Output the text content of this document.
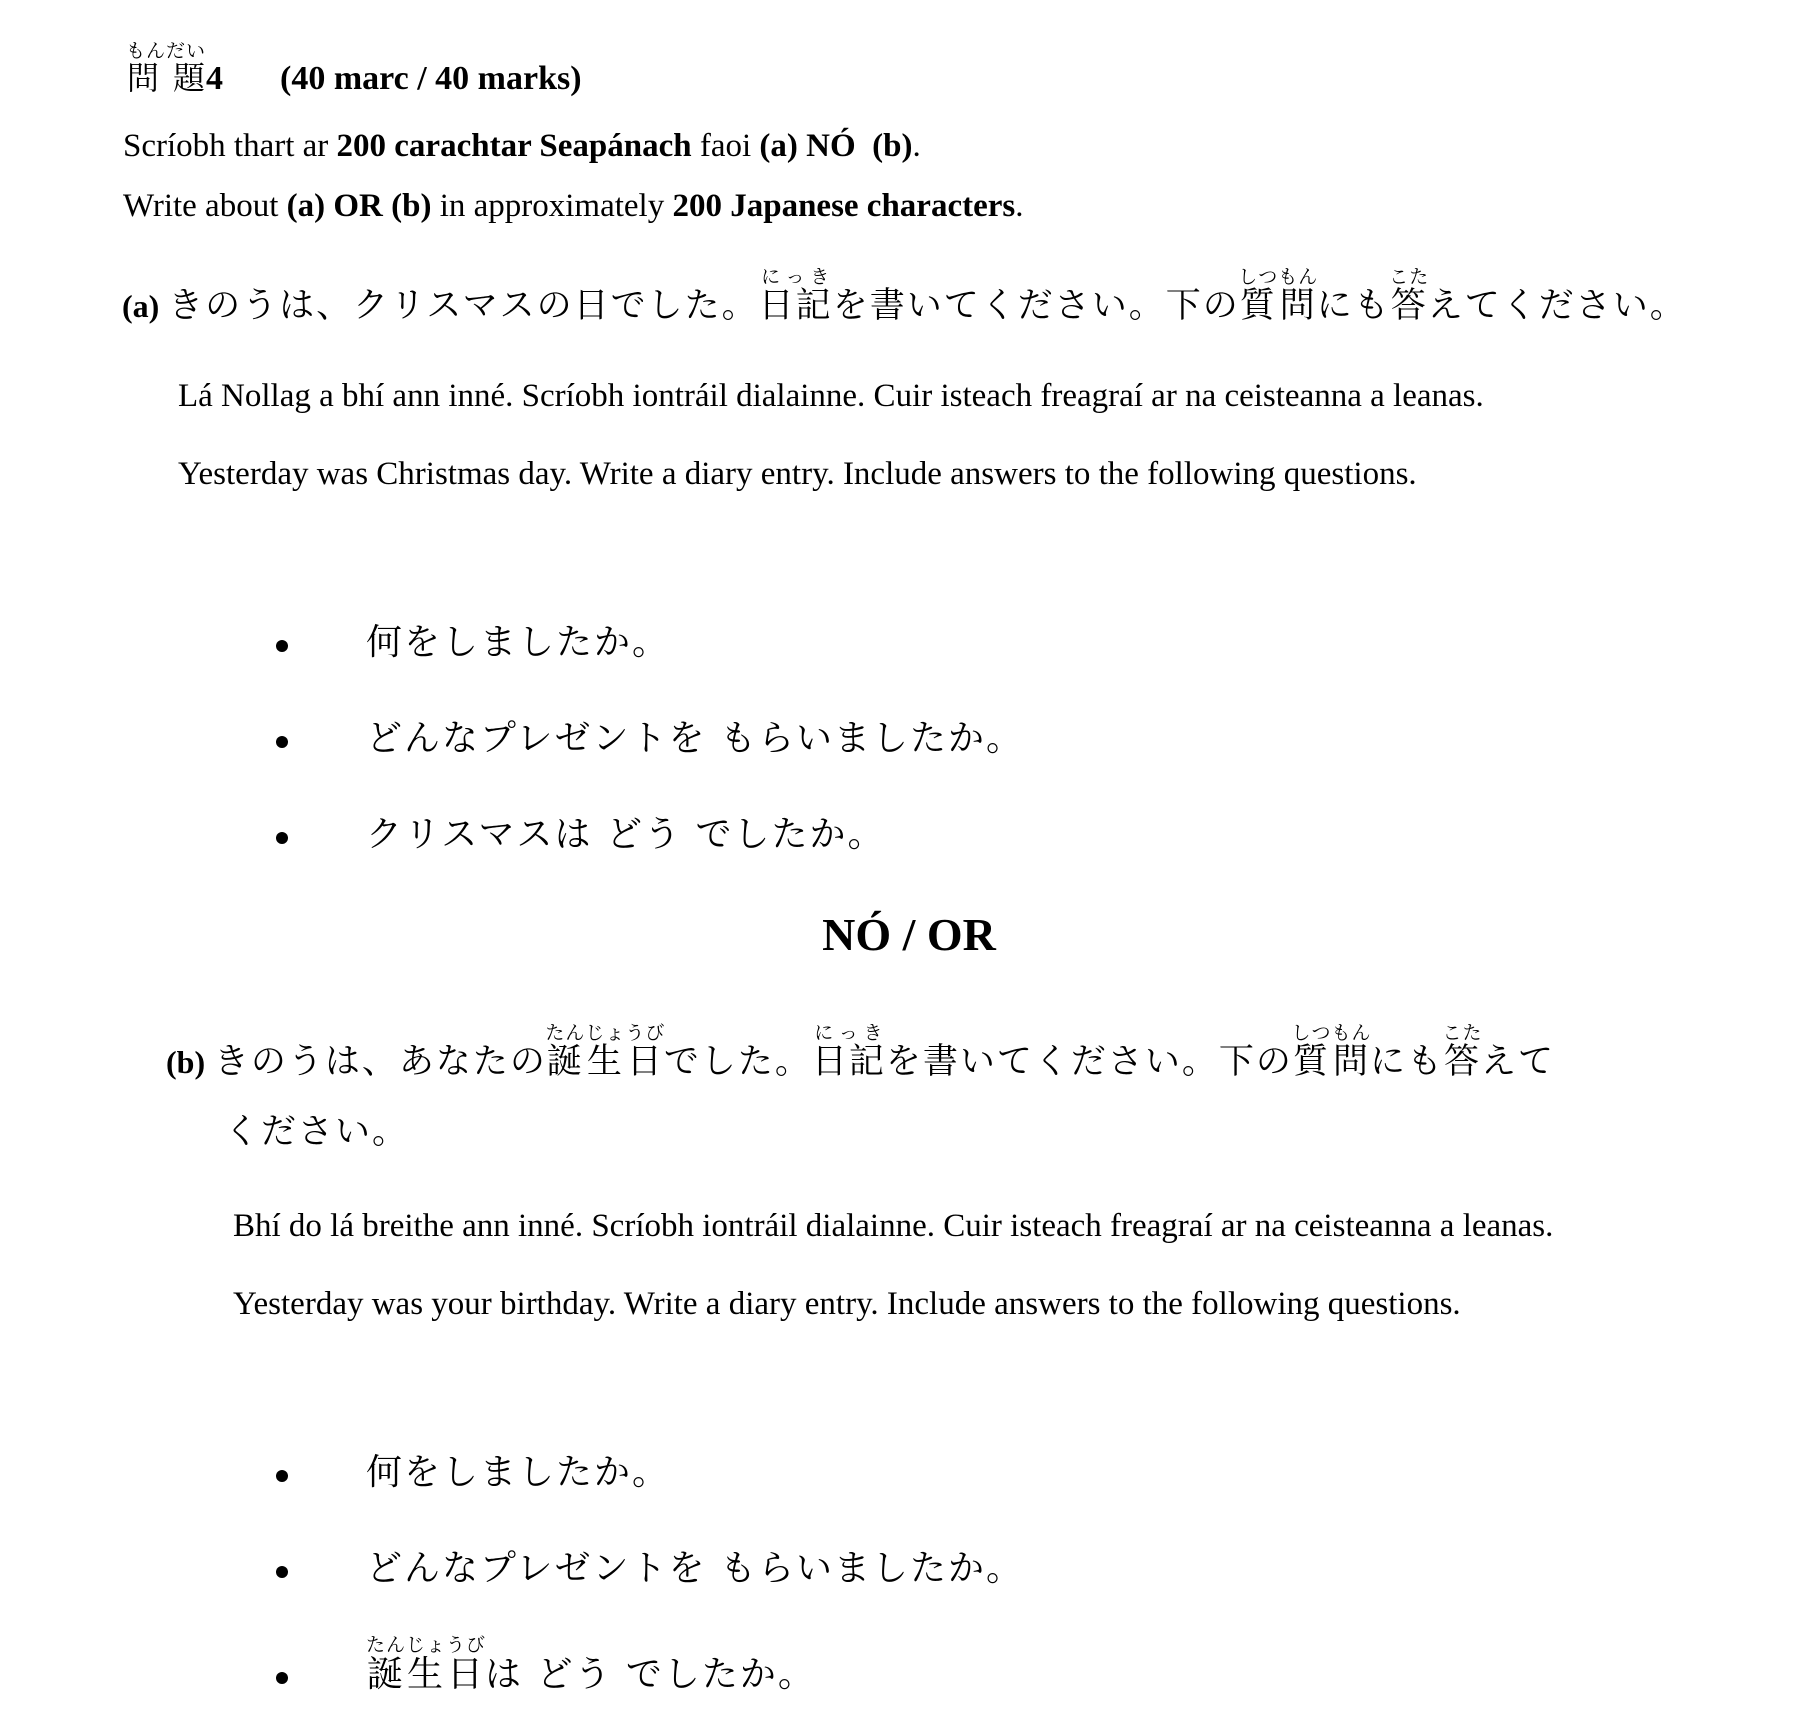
問 題もんだい4 (40 marc / 40 marks)
Scríobh thart ar 200 carachtar Seapánach faoi (a) NÓ  (b).
Write about (a) OR (b) in approximately 200 Japanese characters.
(a) きのうは、クリスマスの日でした。日記にっきを書いてください。下の質問しつもんにも答こたえてください。
Lá Nollag a bhí ann inné. Scríobh iontráil dialainne. Cuir isteach freagraí ar na ceisteanna a leanas.
Yesterday was Christmas day. Write a diary entry. Include answers to the following questions.
何をしましたか。
どんなプレゼントを もらいましたか。
クリスマスは どう でしたか。
NÓ / OR
(b) きのうは、あなたの誕生日たんじょうびでした。日記にっきを書いてください。下の質問しつもんにも答こたえて
ください。
Bhí do lá breithe ann inné. Scríobh iontráil dialainne. Cuir isteach freagraí ar na ceisteanna a leanas.
Yesterday was your birthday. Write a diary entry. Include answers to the following questions.
何をしましたか。
どんなプレゼントを もらいましたか。
誕生日たんじょうびは どう でしたか。
